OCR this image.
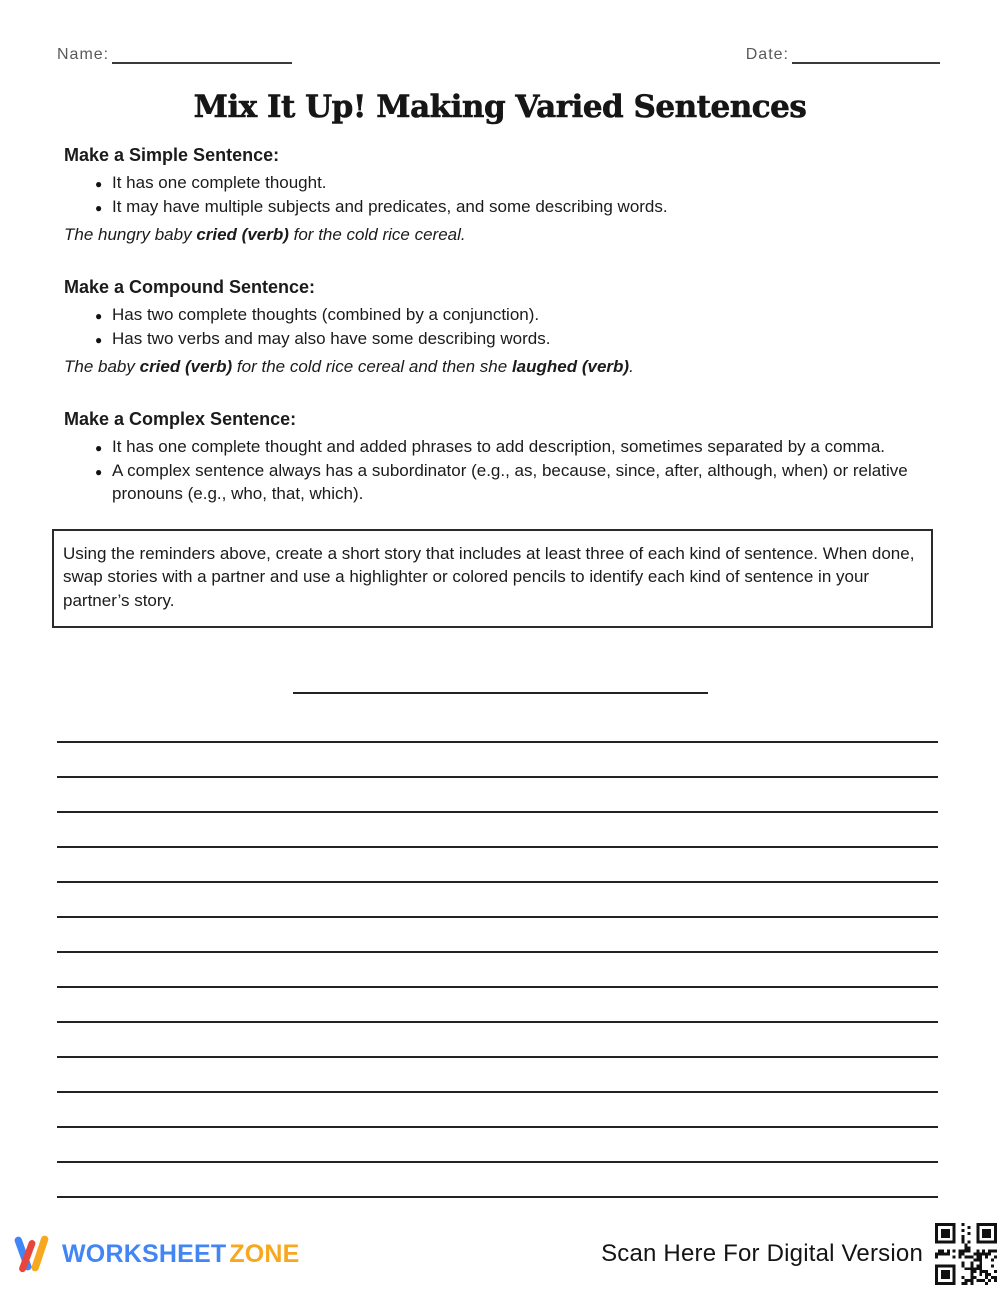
Name:	Date:
Mix It Up! Making Varied Sentences
Make a Simple Sentence:
● It has one complete thought.
● It may have multiple subjects and predicates, and some describing words.
The hungry baby cried (verb) for the cold rice cereal.
Make a Compound Sentence:
● Has two complete thoughts (combined by a conjunction).
● Has two verbs and may also have some describing words.
The baby cried (verb) for the cold rice cereal and then she laughed (verb).
Make a Complex Sentence:
● It has one complete thought and added phrases to add description, sometimes separated by a comma.
● A complex sentence always has a subordinator (e.g., as, because, since, after, although, when) or relative pronouns (e.g., who, that, which).
Using the reminders above, create a short story that includes at least three of each kind of sentence. When done, swap stories with a partner and use a highlighter or colored pencils to identify each kind of sentence in your partner’s story.
WORKSHEET ZONE	Scan Here For Digital Version
